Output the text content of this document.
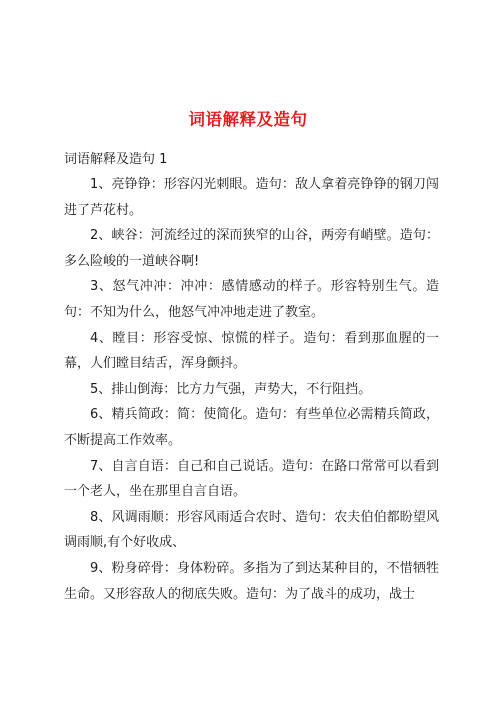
词语解释及造句
词语解释及造句 1

1、亮铮铮：形容闪光刺眼。造句：敌人拿着亮铮铮的钢刀闯进了芦花村。

2、峡谷：河流经过的深而狭窄的山谷，两旁有峭壁。造句：多么险峻的一道峡谷啊!

3、怒气冲冲：冲冲：感情感动的样子。形容特别生气。造句：不知为什么，他怒气冲冲地走进了教室。

4、瞠目：形容受惊、惊慌的样子。造句：看到那血腥的一幕，人们瞠目结舌，浑身颤抖。

5、排山倒海：比方力气强，声势大，不行阻挡。

6、精兵简政：简：使简化。造句：有些单位必需精兵简政，不断提高工作效率。

7、自言自语：自己和自己说话。造句：在路口常常可以看到一个老人，坐在那里自言自语。

8、风调雨顺：形容风雨适合农时、造句：农夫伯伯都盼望风调雨顺,有个好收成、

9、粉身碎骨：身体粉碎。多指为了到达某种目的，不惜牺牲生命。又形容敌人的彻底失败。造句：为了战斗的成功，战士
